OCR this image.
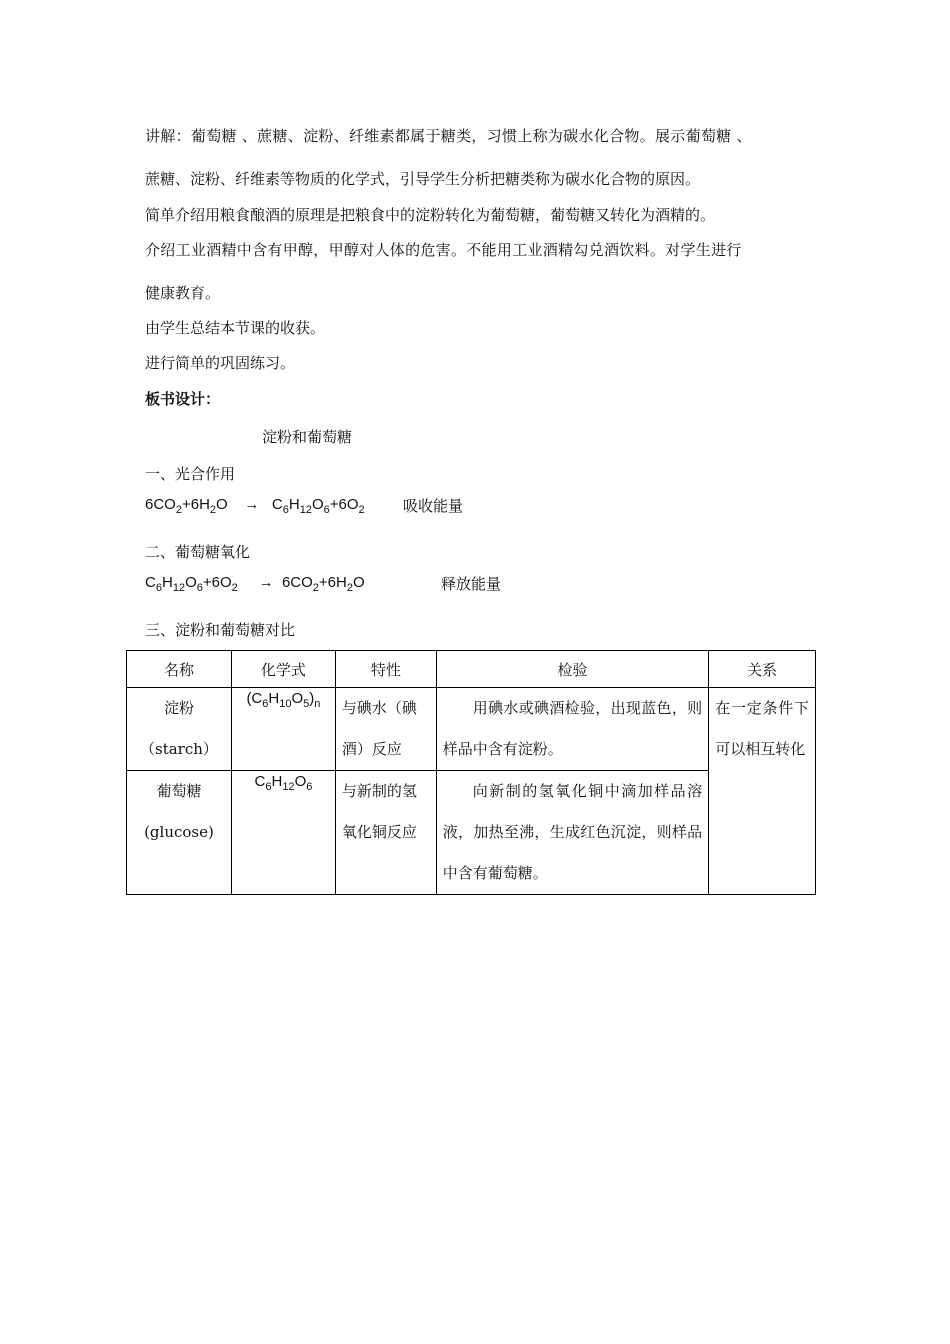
讲解：葡萄糖 、蔗糖、淀粉、纤维素都属于糖类，习惯上称为碳水化合物。展示葡萄糖 、
蔗糖、淀粉、纤维素等物质的化学式，引导学生分析把糖类称为碳水化合物的原因。
简单介绍用粮食酿酒的原理是把粮食中的淀粉转化为葡萄糖，葡萄糖又转化为酒精的。
介绍工业酒精中含有甲醇，甲醇对人体的危害。不能用工业酒精勾兑酒饮料。对学生进行
健康教育。
由学生总结本节课的收获。
进行简单的巩固练习。
板书设计：
淀粉和葡萄糖
一、光合作用
$6CO_2+6H_2O$    →   $C_6H_{12}O_6+6O_2$	吸收能量
二、葡萄糖氧化
$C_6H_{12}O_6+6O_2$     →  $6CO_2+6H_2O$	释放能量
三、淀粉和葡萄糖对比
名称	化学式	特性	检验	关系

淀粉
（starch）	$(C_6H_{10}O_5)_n$	与碘水（碘酒）反应	用碘水或碘酒检验，出现蓝色，则样品中含有淀粉。	在一定条件下可以相互转化

葡萄糖
(glucose)	$C_6H_{12}O_6$	与新制的氢氧化铜反应	向新制的氢氧化铜中滴加样品溶液，加热至沸，生成红色沉淀，则样品中含有葡萄糖。	
